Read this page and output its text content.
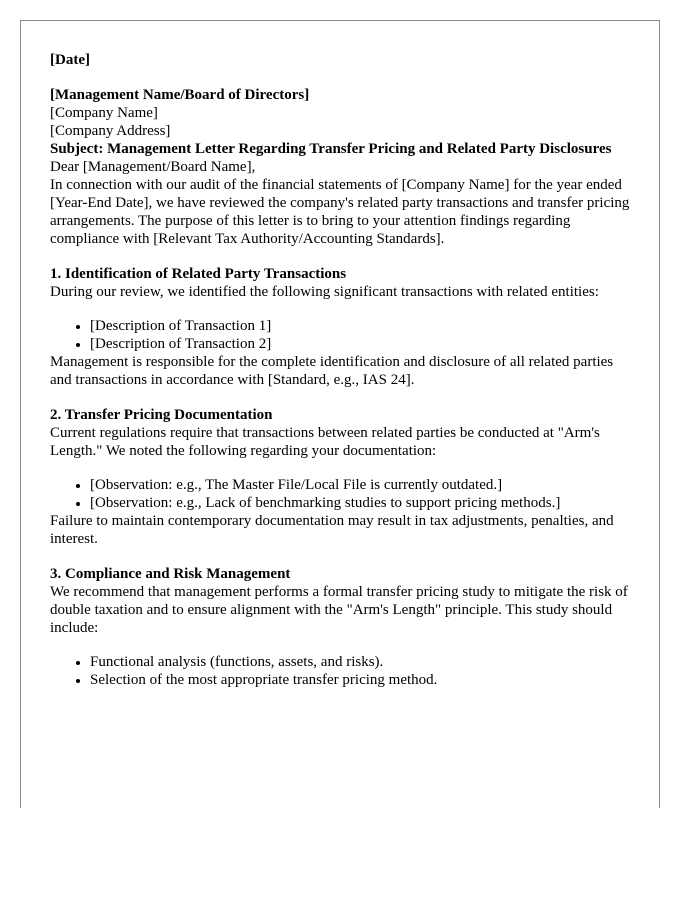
[Date]

[Management Name/Board of Directors]
[Company Name]
[Company Address]

Subject: Management Letter Regarding Transfer Pricing and Related Party Disclosures

Dear [Management/Board Name],

In connection with our audit of the financial statements of [Company Name] for the year ended [Year-End Date], we have reviewed the company's related party transactions and transfer pricing arrangements. The purpose of this letter is to bring to your attention findings regarding compliance with [Relevant Tax Authority/Accounting Standards].

1. Identification of Related Party Transactions
During our review, we identified the following significant transactions with related entities:
• [Description of Transaction 1]
• [Description of Transaction 2]

Management is responsible for the complete identification and disclosure of all related parties and transactions in accordance with [Standard, e.g., IAS 24].

2. Transfer Pricing Documentation
Current regulations require that transactions between related parties be conducted at "Arm's Length." We noted the following regarding your documentation:
• [Observation: e.g., The Master File/Local File is currently outdated.]
• [Observation: e.g., Lack of benchmarking studies to support pricing methods.]

Failure to maintain contemporary documentation may result in tax adjustments, penalties, and interest.

3. Compliance and Risk Management
We recommend that management performs a formal transfer pricing study to mitigate the risk of double taxation and to ensure alignment with the "Arm's Length" principle. This study should include:
• Functional analysis (functions, assets, and risks).
• Selection of the most appropriate transfer pricing method.
